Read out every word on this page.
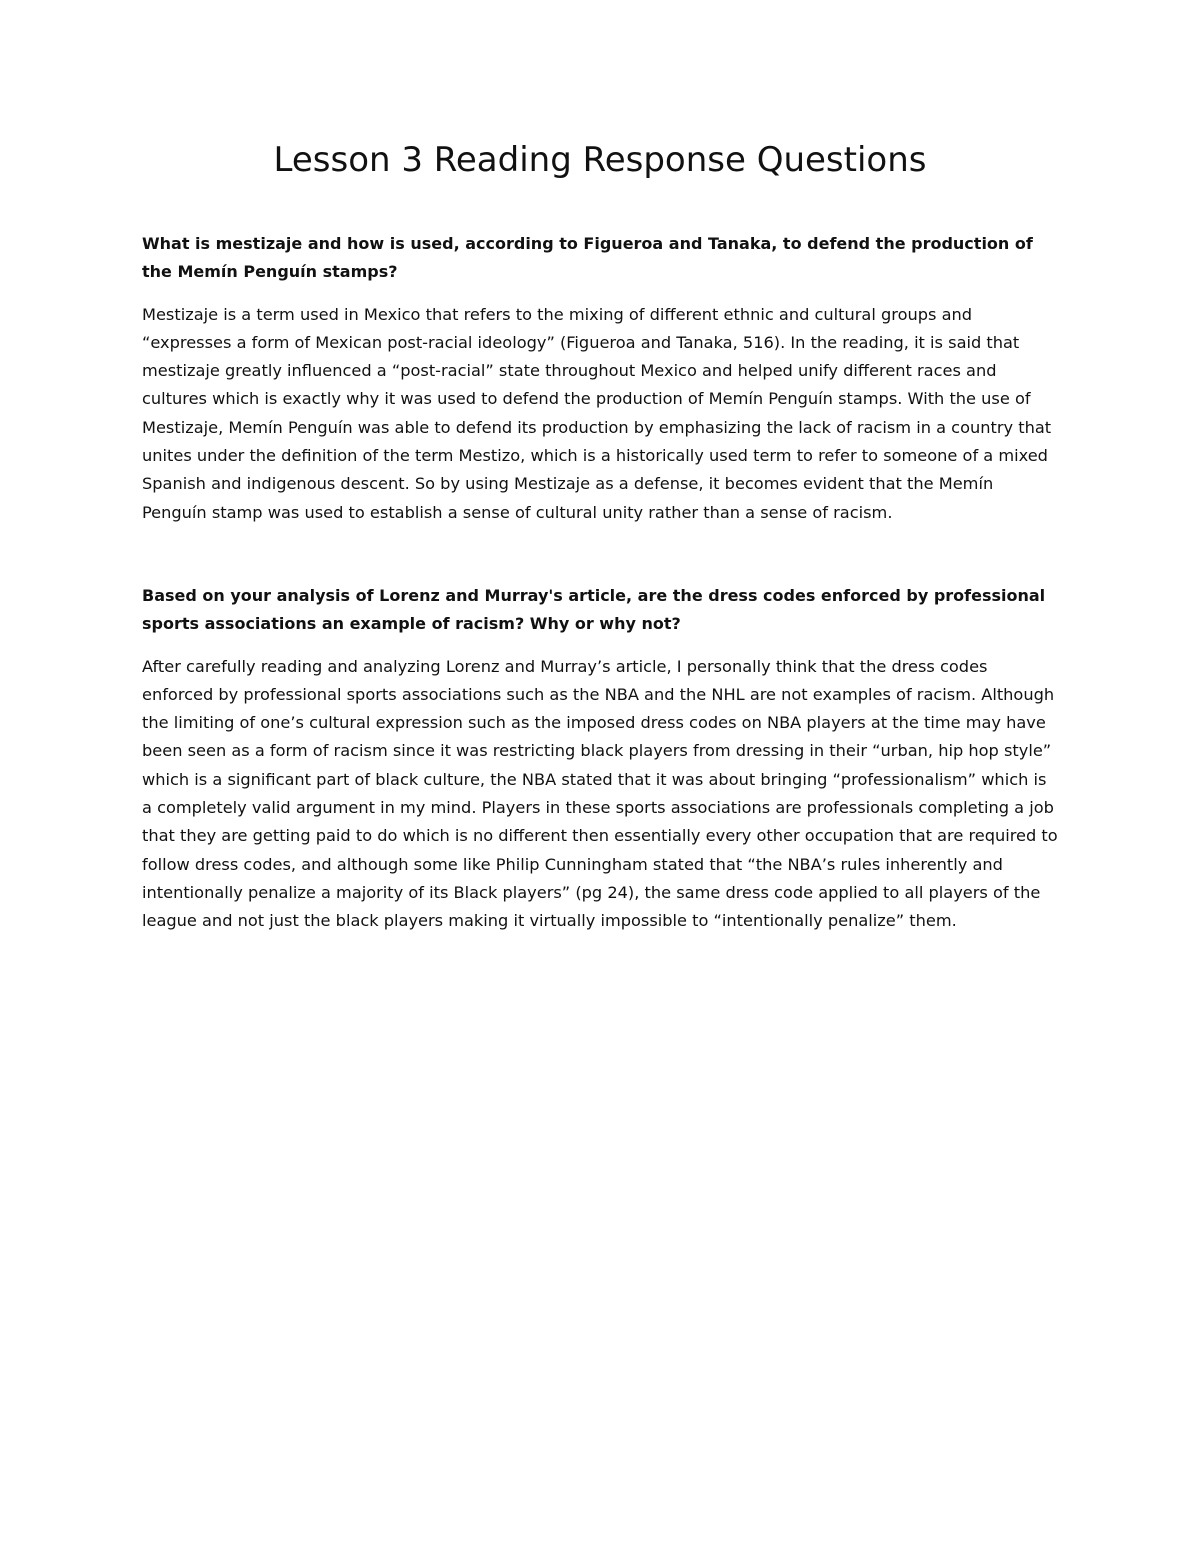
Lesson 3 Reading Response Questions

What is mestizaje and how is used, according to Figueroa and Tanaka, to defend the production of the Memín Penguín stamps?

Mestizaje is a term used in Mexico that refers to the mixing of different ethnic and cultural groups and “expresses a form of Mexican post-racial ideology” (Figueroa and Tanaka, 516). In the reading, it is said that mestizaje greatly influenced a “post-racial” state throughout Mexico and helped unify different races and cultures which is exactly why it was used to defend the production of Memín Penguín stamps. With the use of Mestizaje, Memín Penguín was able to defend its production by emphasizing the lack of racism in a country that unites under the definition of the term Mestizo, which is a historically used term to refer to someone of a mixed Spanish and indigenous descent. So by using Mestizaje as a defense, it becomes evident that the Memín Penguín stamp was used to establish a sense of cultural unity rather than a sense of racism.

Based on your analysis of Lorenz and Murray's article, are the dress codes enforced by professional sports associations an example of racism? Why or why not?

After carefully reading and analyzing Lorenz and Murray’s article, I personally think that the dress codes enforced by professional sports associations such as the NBA and the NHL are not examples of racism. Although the limiting of one’s cultural expression such as the imposed dress codes on NBA players at the time may have been seen as a form of racism since it was restricting black players from dressing in their “urban, hip hop style” which is a significant part of black culture, the NBA stated that it was about bringing “professionalism” which is a completely valid argument in my mind. Players in these sports associations are professionals completing a job that they are getting paid to do which is no different then essentially every other occupation that are required to follow dress codes, and although some like Philip Cunningham stated that “the NBA’s rules inherently and intentionally penalize a majority of its Black players” (pg 24), the same dress code applied to all players of the league and not just the black players making it virtually impossible to “intentionally penalize” them.
